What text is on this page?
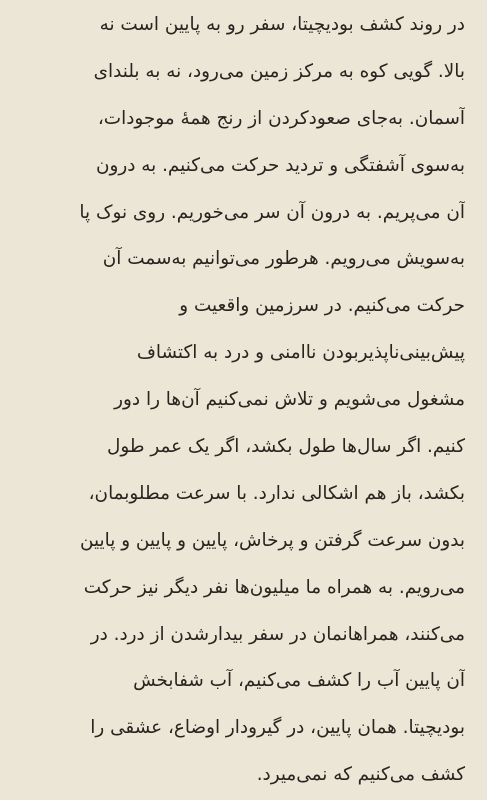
در روند کشف بودیچیتا، سفر رو به پایین است نه
بالا. گویی کوه به مرکز زمین می‌رود، نه به بلندای
آسمان. به‌جای صعودکردن از رنج همهٔ موجودات،
به‌سوی آشفتگی و تردید حرکت می‌کنیم. به درون
آن می‌پریم. به درون آن سر می‌خوریم. روی نوک پا
به‌سویش می‌رویم. هرطور می‌توانیم به‌سمت آن
حرکت می‌کنیم. در سرزمین واقعیت و
پیش‌بینی‌ناپذیربودن ناامنی و درد به اکتشاف
مشغول می‌شویم و تلاش نمی‌کنیم آن‌ها را دور
کنیم. اگر سال‌ها طول بکشد، اگر یک عمر طول
بکشد، باز هم اشکالی ندارد. با سرعت مطلوبمان،
بدون سرعت گرفتن و پرخاش، پایین و پایین و پایین
می‌رویم. به همراه ما میلیون‌ها نفر دیگر نیز حرکت
می‌کنند، همراهانمان در سفر بیدارشدن از درد. در
آن پایین آب را کشف می‌کنیم، آب شفابخش
بودیچیتا. همان پایین، در گیرودار اوضاع، عشقی را
کشف می‌کنیم که نمی‌میرد.
